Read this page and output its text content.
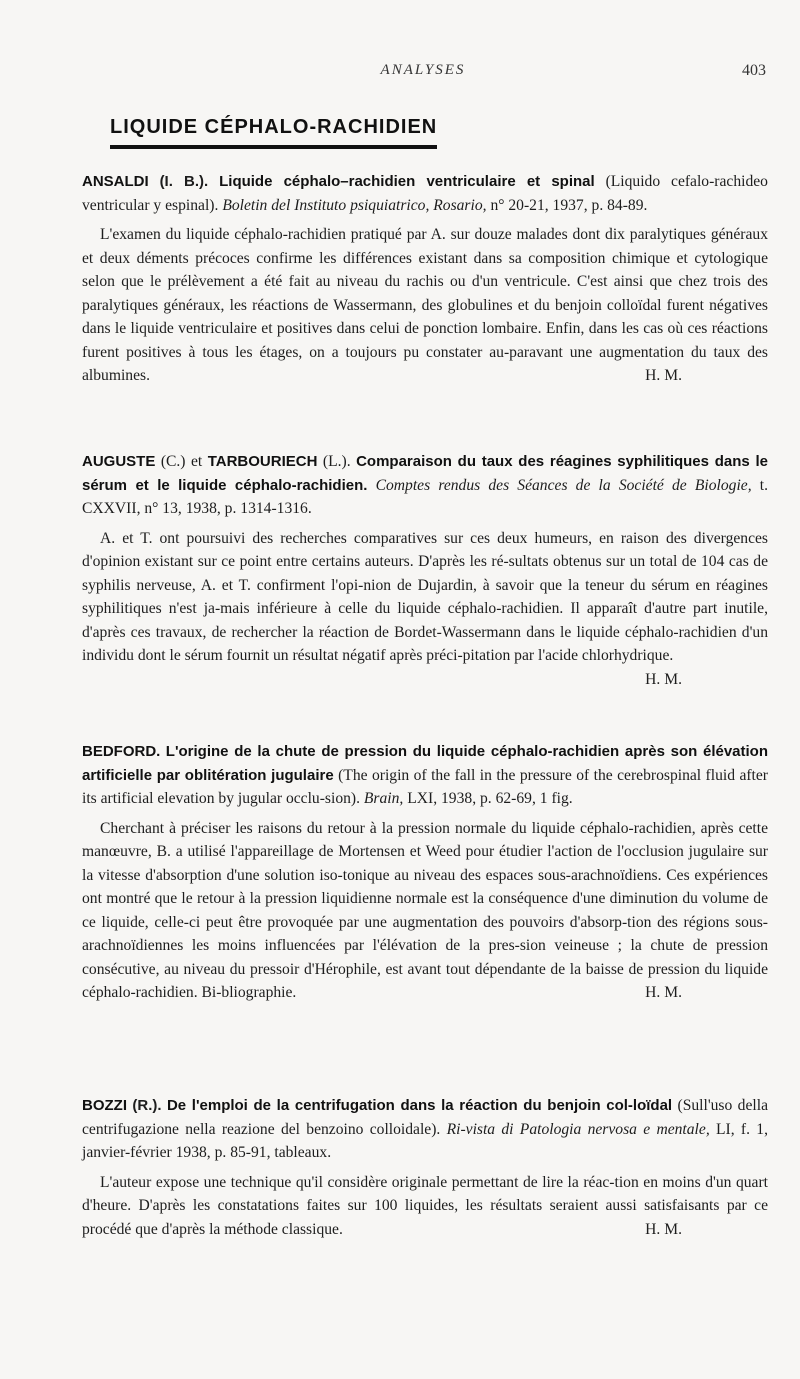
ANALYSES	403
LIQUIDE CÉPHALO-RACHIDIEN

ANSALDI (I. B.). Liquide céphalo–rachidien ventriculaire et spinal (Liquido cefalo-rachideo ventricular y espinal). Boletin del Instituto psiquiatrico, Rosario, n° 20-21, 1937, p. 84-89.

L'examen du liquide céphalo-rachidien pratiqué par A. sur douze malades dont dix paralytiques généraux et deux déments précoces confirme les différences existant dans sa composition chimique et cytologique selon que le prélèvement a été fait au niveau du rachis ou d'un ventricule. C'est ainsi que chez trois des paralytiques généraux, les réactions de Wassermann, des globulines et du benjoin colloïdal furent négatives dans le liquide ventriculaire et positives dans celui de ponction lombaire. Enfin, dans les cas où ces réactions furent positives à tous les étages, on a toujours pu constater au-paravant une augmentation du taux des albumines.	H. M.

AUGUSTE (C.) et TARBOURIECH (L.). Comparaison du taux des réagines syphilitiques dans le sérum et le liquide céphalo-rachidien. Comptes rendus des Séances de la Société de Biologie, t. CXXVII, n° 13, 1938, p. 1314-1316.

A. et T. ont poursuivi des recherches comparatives sur ces deux humeurs, en raison des divergences d'opinion existant sur ce point entre certains auteurs. D'après les ré-sultats obtenus sur un total de 104 cas de syphilis nerveuse, A. et T. confirment l'opi-nion de Dujardin, à savoir que la teneur du sérum en réagines syphilitiques n'est ja-mais inférieure à celle du liquide céphalo-rachidien. Il apparaît d'autre part inutile, d'après ces travaux, de rechercher la réaction de Bordet-Wassermann dans le liquide céphalo-rachidien d'un individu dont le sérum fournit un résultat négatif après préci-pitation par l'acide chlorhydrique.
H. M.

BEDFORD. L'origine de la chute de pression du liquide céphalo-rachidien après son élévation artificielle par oblitération jugulaire (The origin of the fall in the pressure of the cerebrospinal fluid after its artificial elevation by jugular occlu-sion). Brain, LXI, 1938, p. 62-69, 1 fig.

Cherchant à préciser les raisons du retour à la pression normale du liquide céphalo-rachidien, après cette manœuvre, B. a utilisé l'appareillage de Mortensen et Weed pour étudier l'action de l'occlusion jugulaire sur la vitesse d'absorption d'une solution iso-tonique au niveau des espaces sous-arachnoïdiens. Ces expériences ont montré que le retour à la pression liquidienne normale est la conséquence d'une diminution du volume de ce liquide, celle-ci peut être provoquée par une augmentation des pouvoirs d'absorp-tion des régions sous-arachnoïdiennes les moins influencées par l'élévation de la pres-sion veineuse ; la chute de pression consécutive, au niveau du pressoir d'Hérophile, est avant tout dépendante de la baisse de pression du liquide céphalo-rachidien. Bi-bliographie.	H. M.

BOZZI (R.). De l'emploi de la centrifugation dans la réaction du benjoin col-loïdal (Sull'uso della centrifugazione nella reazione del benzoino colloidale). Ri-vista di Patologia nervosa e mentale, LI, f. 1, janvier-février 1938, p. 85-91, tableaux.

L'auteur expose une technique qu'il considère originale permettant de lire la réac-tion en moins d'un quart d'heure. D'après les constatations faites sur 100 liquides, les résultats seraient aussi satisfaisants par ce procédé que d'après la méthode classique.	H. M.
